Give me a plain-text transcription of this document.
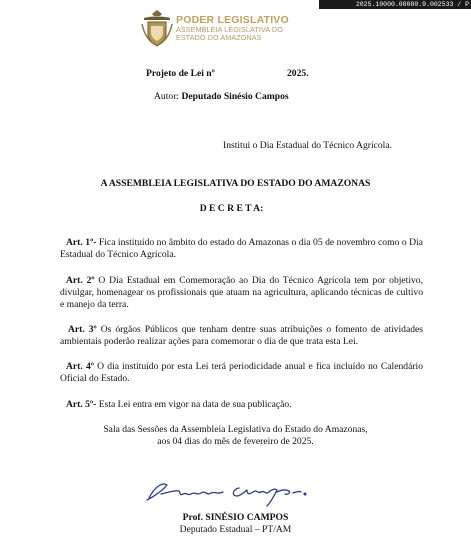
2025.10000.00000.9.002533 / P
PODER LEGISLATIVO
ASSEMBLEIA LEGISLATIVA DO
ESTADO DO AMAZONAS
Projeto de Lei nº	2025.
Autor: Deputado Sinésio Campos
Institui o Dia Estadual do Técnico Agrícola.
A ASSEMBLEIA LEGISLATIVA DO ESTADO DO AMAZONAS
D E C R E T A:
Art. 1º- Fica instituído no âmbito do estado do Amazonas o dia 05 de novembro como o Dia Estadual do Técnico Agrícola.
Art. 2º O Dia Estadual em Comemoração ao Dia do Técnico Agrícola tem por objetivo, divulgar, homenagear os profissionais que atuam na agricultura, aplicando técnicas de cultivo e manejo da terra.
Art. 3º Os órgãos Públicos que tenham dentre suas atribuições o fomento de atividades ambientais poderão realizar ações para comemorar o dia de que trata esta Lei.
Art. 4º O dia instituído por esta Lei terá periodicidade anual e fica incluído no Calendário Oficial do Estado.
Art. 5º- Esta Lei entra em vigor na data de sua publicação.
Sala das Sessões da Assembleia Legislativa do Estado do Amazonas,
aos 04 dias do mês de fevereiro de 2025.
Prof. SINÉSIO CAMPOS
Deputado Estadual – PT/AM
